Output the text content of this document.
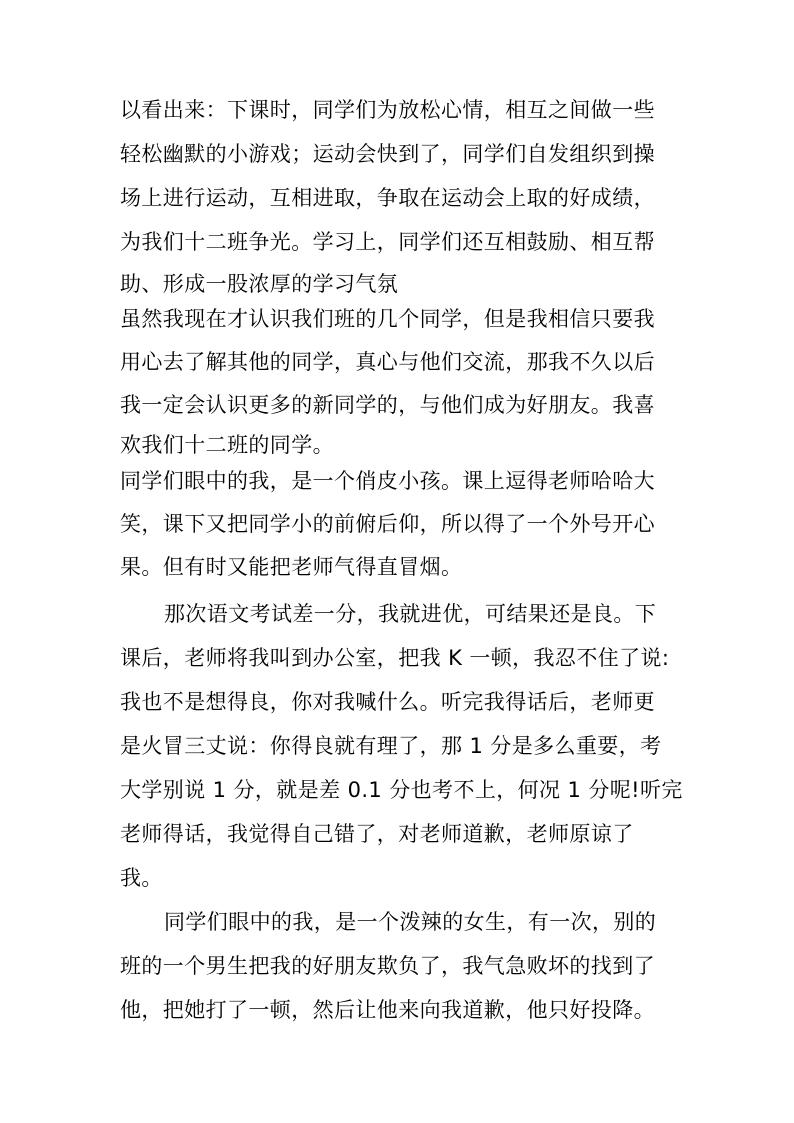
以看出来：下课时，同学们为放松心情，相互之间做一些
轻松幽默的小游戏；运动会快到了，同学们自发组织到操
场上进行运动，互相进取，争取在运动会上取的好成绩，
为我们十二班争光。学习上，同学们还互相鼓励、相互帮
助、形成一股浓厚的学习气氛
虽然我现在才认识我们班的几个同学，但是我相信只要我
用心去了解其他的同学，真心与他们交流，那我不久以后
我一定会认识更多的新同学的，与他们成为好朋友。我喜
欢我们十二班的同学。
同学们眼中的我，是一个俏皮小孩。课上逗得老师哈哈大
笑，课下又把同学小的前俯后仰，所以得了一个外号开心
果。但有时又能把老师气得直冒烟。
那次语文考试差一分，我就进优，可结果还是良。下
课后，老师将我叫到办公室，把我 K 一顿，我忍不住了说:
我也不是想得良，你对我喊什么。听完我得话后，老师更
是火冒三丈说：你得良就有理了，那 1 分是多么重要，考
大学别说 1 分，就是差 0.1 分也考不上，何况 1 分呢!听完
老师得话，我觉得自己错了，对老师道歉，老师原谅了
我。
同学们眼中的我，是一个泼辣的女生，有一次，别的
班的一个男生把我的好朋友欺负了，我气急败坏的找到了
他，把她打了一顿，然后让他来向我道歉，他只好投降。
